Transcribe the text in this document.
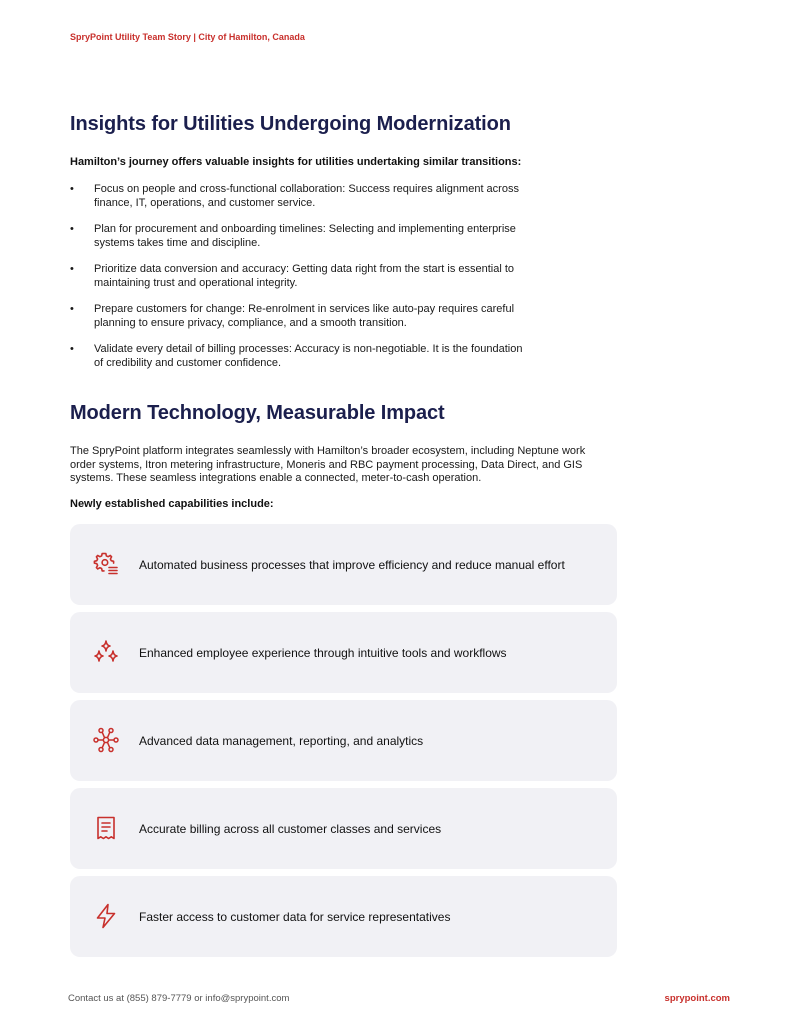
SpryPoint Utility Team Story | City of Hamilton, Canada
Insights for Utilities Undergoing Modernization
Hamilton’s journey offers valuable insights for utilities undertaking similar transitions:
• Focus on people and cross-functional collaboration: Success requires alignment across
finance, IT, operations, and customer service.
• Plan for procurement and onboarding timelines: Selecting and implementing enterprise
systems takes time and discipline.
• Prioritize data conversion and accuracy: Getting data right from the start is essential to
maintaining trust and operational integrity.
• Prepare customers for change: Re-enrolment in services like auto-pay requires careful
planning to ensure privacy, compliance, and a smooth transition.
• Validate every detail of billing processes: Accuracy is non-negotiable. It is the foundation
of credibility and customer confidence.
Modern Technology, Measurable Impact

The SpryPoint platform integrates seamlessly with Hamilton’s broader ecosystem, including Neptune work
order systems, Itron metering infrastructure, Moneris and RBC payment processing, Data Direct, and GIS
systems. These seamless integrations enable a connected, meter-to-cash operation.

Newly established capabilities include:
Automated business processes that improve efficiency and reduce manual effort
Enhanced employee experience through intuitive tools and workflows
Advanced data management, reporting, and analytics
Accurate billing across all customer classes and services
Faster access to customer data for service representatives
Contact us at (855) 879-7779 or info@sprypoint.com	sprypoint.com
